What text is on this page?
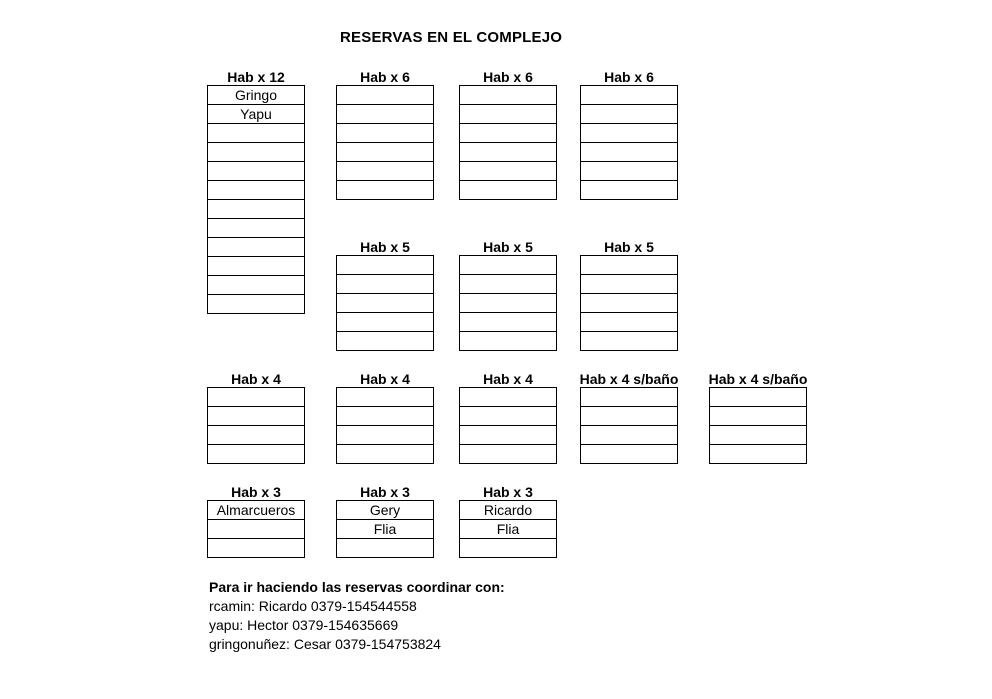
RESERVAS EN EL COMPLEJO
Hab x 12
Gringo
Yapu
Hab x 6	Hab x 6	Hab x 6
Hab x 5	Hab x 5	Hab x 5
Hab x 4	Hab x 4	Hab x 4	Hab x 4 s/baño	Hab x 4 s/baño
Hab x 3
Almarcueros
Hab x 3
Gery
Flia
Hab x 3
Ricardo
Flia
Para ir haciendo las reservas coordinar con:
rcamin: Ricardo 0379-154544558
yapu: Hector 0379-154635669
gringonuñez: Cesar 0379-154753824
